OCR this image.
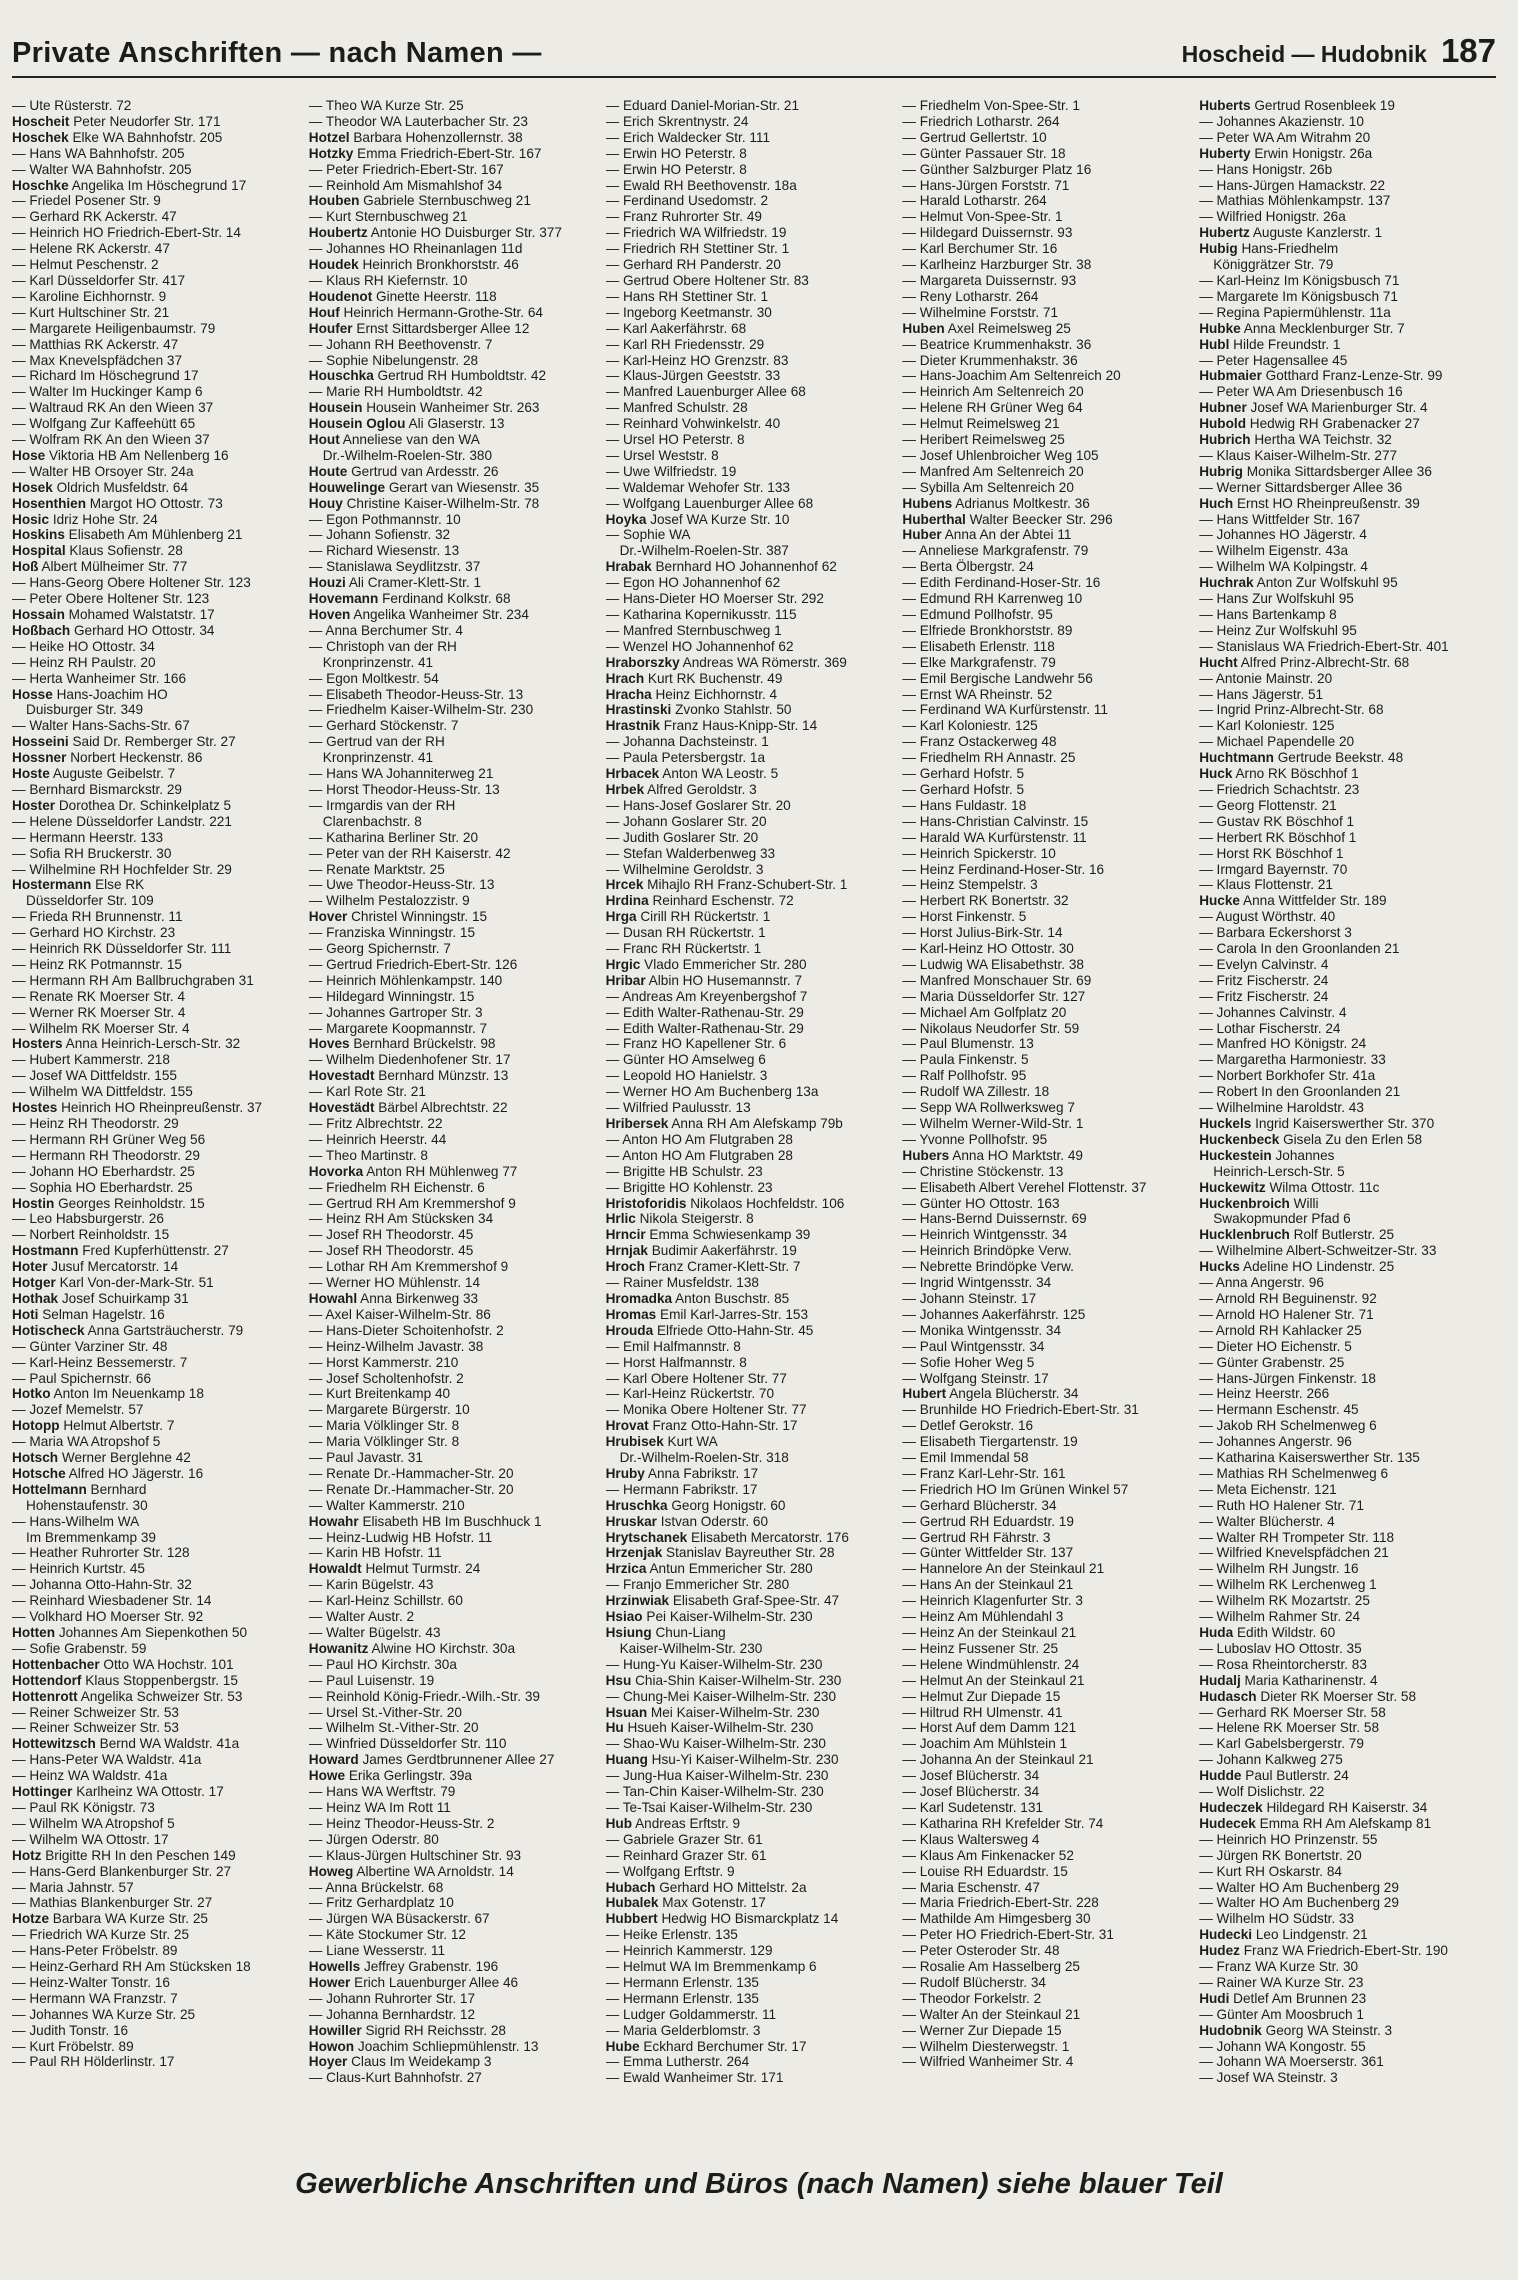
Private Anschriften — nach Namen —	Hoscheid — Hudobnik 187
— Ute Rüsterstr. 72
Hoscheit Peter Neudorfer Str. 171
Hoschek Elke WA Bahnhofstr. 205
— Hans WA Bahnhofstr. 205
— Walter WA Bahnhofstr. 205
Hoschke Angelika Im Höschegrund 17
— Friedel Posener Str. 9
— Gerhard RK Ackerstr. 47
— Heinrich HO Friedrich-Ebert-Str. 14
— Helene RK Ackerstr. 47
— Helmut Peschenstr. 2
— Karl Düsseldorfer Str. 417
— Karoline Eichhornstr. 9
— Kurt Hultschiner Str. 21
— Margarete Heiligenbaumstr. 79
— Matthias RK Ackerstr. 47
— Max Knevelspfädchen 37
— Richard Im Höschegrund 17
— Walter Im Huckinger Kamp 6
— Waltraud RK An den Wieen 37
— Wolfgang Zur Kaffeehütt 65
— Wolfram RK An den Wieen 37
Hose Viktoria HB Am Nellenberg 16
— Walter HB Orsoyer Str. 24a
Hosek Oldrich Musfeldstr. 64
Hosenthien Margot HO Ottostr. 73
Hosic Idriz Hohe Str. 24
Hoskins Elisabeth Am Mühlenberg 21
Hospital Klaus Sofienstr. 28
Hoß Albert Mülheimer Str. 77
— Hans-Georg Obere Holtener Str. 123
— Peter Obere Holtener Str. 123
Hossain Mohamed Walstatstr. 17
Hoßbach Gerhard HO Ottostr. 34
— Heike HO Ottostr. 34
— Heinz RH Paulstr. 20
— Herta Wanheimer Str. 166
Hosse Hans-Joachim HO
Duisburger Str. 349
— Walter Hans-Sachs-Str. 67
Hosseini Said Dr. Remberger Str. 27
Hossner Norbert Heckenstr. 86
Hoste Auguste Geibelstr. 7
— Bernhard Bismarckstr. 29
Hoster Dorothea Dr. Schinkelplatz 5
— Helene Düsseldorfer Landstr. 221
— Hermann Heerstr. 133
— Sofia RH Bruckerstr. 30
— Wilhelmine RH Hochfelder Str. 29
Hostermann Else RK
Düsseldorfer Str. 109
— Frieda RH Brunnenstr. 11
— Gerhard HO Kirchstr. 23
— Heinrich RK Düsseldorfer Str. 111
— Heinz RK Potmannstr. 15
— Hermann RH Am Ballbruchgraben 31
— Renate RK Moerser Str. 4
— Werner RK Moerser Str. 4
— Wilhelm RK Moerser Str. 4
Hosters Anna Heinrich-Lersch-Str. 32
— Hubert Kammerstr. 218
— Josef WA Dittfeldstr. 155
— Wilhelm WA Dittfeldstr. 155
Hostes Heinrich HO Rheinpreußenstr. 37
— Heinz RH Theodorstr. 29
— Hermann RH Grüner Weg 56
— Hermann RH Theodorstr. 29
— Johann HO Eberhardstr. 25
— Sophia HO Eberhardstr. 25
Hostin Georges Reinholdstr. 15
— Leo Habsburgerstr. 26
— Norbert Reinholdstr. 15
Hostmann Fred Kupferhüttenstr. 27
Hoter Jusuf Mercatorstr. 14
Hotger Karl Von-der-Mark-Str. 51
Hothak Josef Schuirkamp 31
Hoti Selman Hagelstr. 16
Hotischeck Anna Gartsträucherstr. 79
— Günter Varziner Str. 48
— Karl-Heinz Bessemerstr. 7
— Paul Spichernstr. 66
Hotko Anton Im Neuenkamp 18
— Jozef Memelstr. 57
Hotopp Helmut Albertstr. 7
— Maria WA Atropshof 5
Hotsch Werner Berglehne 42
Hotsche Alfred HO Jägerstr. 16
Hottelmann Bernhard
Hohenstaufenstr. 30
— Hans-Wilhelm WA
Im Bremmenkamp 39
— Heather Ruhrorter Str. 128
— Heinrich Kurtstr. 45
— Johanna Otto-Hahn-Str. 32
— Reinhard Wiesbadener Str. 14
— Volkhard HO Moerser Str. 92
Hotten Johannes Am Siepenkothen 50
— Sofie Grabenstr. 59
Hottenbacher Otto WA Hochstr. 101
Hottendorf Klaus Stoppenbergstr. 15
Hottenrott Angelika Schweizer Str. 53
— Reiner Schweizer Str. 53
— Reiner Schweizer Str. 53
Hottewitzsch Bernd WA Waldstr. 41a
— Hans-Peter WA Waldstr. 41a
— Heinz WA Waldstr. 41a
Hottinger Karlheinz WA Ottostr. 17
— Paul RK Königstr. 73
— Wilhelm WA Atropshof 5
— Wilhelm WA Ottostr. 17
Hotz Brigitte RH In den Peschen 149
— Hans-Gerd Blankenburger Str. 27
— Maria Jahnstr. 57
— Mathias Blankenburger Str. 27
Hotze Barbara WA Kurze Str. 25
— Friedrich WA Kurze Str. 25
— Hans-Peter Fröbelstr. 89
— Heinz-Gerhard RH Am Stücksken 18
— Heinz-Walter Tonstr. 16
— Hermann WA Franzstr. 7
— Johannes WA Kurze Str. 25
— Judith Tonstr. 16
— Kurt Fröbelstr. 89
— Paul RH Hölderlinstr. 17
— Theo WA Kurze Str. 25
— Theodor WA Lauterbacher Str. 23
Hotzel Barbara Hohenzollernstr. 38
Hotzky Emma Friedrich-Ebert-Str. 167
— Peter Friedrich-Ebert-Str. 167
— Reinhold Am Mismahlshof 34
Houben Gabriele Sternbuschweg 21
— Kurt Sternbuschweg 21
Houbertz Antonie HO Duisburger Str. 377
— Johannes HO Rheinanlagen 11d
Houdek Heinrich Bronkhorststr. 46
— Klaus RH Kiefernstr. 10
Houdenot Ginette Heerstr. 118
Houf Heinrich Hermann-Grothe-Str. 64
Houfer Ernst Sittardsberger Allee 12
— Johann RH Beethovenstr. 7
— Sophie Nibelungenstr. 28
Houschka Gertrud RH Humboldtstr. 42
— Marie RH Humboldtstr. 42
Housein Housein Wanheimer Str. 263
Housein Oglou Ali Glaserstr. 13
Hout Anneliese van den WA
Dr.-Wilhelm-Roelen-Str. 380
Houte Gertrud van Ardesstr. 26
Houwelinge Gerart van Wiesenstr. 35
Houy Christine Kaiser-Wilhelm-Str. 78
— Egon Pothmannstr. 10
— Johann Sofienstr. 32
— Richard Wiesenstr. 13
— Stanislawa Seydlitzstr. 37
Houzi Ali Cramer-Klett-Str. 1
Hovemann Ferdinand Kolkstr. 68
Hoven Angelika Wanheimer Str. 234
— Anna Berchumer Str. 4
— Christoph van der RH
Kronprinzenstr. 41
— Egon Moltkestr. 54
— Elisabeth Theodor-Heuss-Str. 13
— Friedhelm Kaiser-Wilhelm-Str. 230
— Gerhard Stöckenstr. 7
— Gertrud van der RH
Kronprinzenstr. 41
— Hans WA Johanniterweg 21
— Horst Theodor-Heuss-Str. 13
— Irmgardis van der RH
Clarenbachstr. 8
— Katharina Berliner Str. 20
— Peter van der RH Kaiserstr. 42
— Renate Marktstr. 25
— Uwe Theodor-Heuss-Str. 13
— Wilhelm Pestalozzistr. 9
Hover Christel Winningstr. 15
— Franziska Winningstr. 15
— Georg Spichernstr. 7
— Gertrud Friedrich-Ebert-Str. 126
— Heinrich Möhlenkampstr. 140
— Hildegard Winningstr. 15
— Johannes Gartroper Str. 3
— Margarete Koopmannstr. 7
Hoves Bernhard Brückelstr. 98
— Wilhelm Diedenhofener Str. 17
Hovestadt Bernhard Münzstr. 13
— Karl Rote Str. 21
Hovestädt Bärbel Albrechtstr. 22
— Fritz Albrechtstr. 22
— Heinrich Heerstr. 44
— Theo Martinstr. 8
Hovorka Anton RH Mühlenweg 77
— Friedhelm RH Eichenstr. 6
— Gertrud RH Am Kremmershof 9
— Heinz RH Am Stücksken 34
— Josef RH Theodorstr. 45
— Josef RH Theodorstr. 45
— Lothar RH Am Kremmershof 9
— Werner HO Mühlenstr. 14
Howahl Anna Birkenweg 33
— Axel Kaiser-Wilhelm-Str. 86
— Hans-Dieter Schoitenhofstr. 2
— Heinz-Wilhelm Javastr. 38
— Horst Kammerstr. 210
— Josef Scholtenhofstr. 2
— Kurt Breitenkamp 40
— Margarete Bürgerstr. 10
— Maria Völklinger Str. 8
— Maria Völklinger Str. 8
— Paul Javastr. 31
— Renate Dr.-Hammacher-Str. 20
— Renate Dr.-Hammacher-Str. 20
— Walter Kammerstr. 210
Howahr Elisabeth HB Im Buschhuck 1
— Heinz-Ludwig HB Hofstr. 11
— Karin HB Hofstr. 11
Howaldt Helmut Turmstr. 24
— Karin Bügelstr. 43
— Karl-Heinz Schillstr. 60
— Walter Austr. 2
— Walter Bügelstr. 43
Howanitz Alwine HO Kirchstr. 30a
— Paul HO Kirchstr. 30a
— Paul Luisenstr. 19
— Reinhold König-Friedr.-Wilh.-Str. 39
— Ursel St.-Vither-Str. 20
— Wilhelm St.-Vither-Str. 20
— Winfried Düsseldorfer Str. 110
Howard James Gerdtbrunnener Allee 27
Howe Erika Gerlingstr. 39a
— Hans WA Werftstr. 79
— Heinz WA Im Rott 11
— Heinz Theodor-Heuss-Str. 2
— Jürgen Oderstr. 80
— Klaus-Jürgen Hultschiner Str. 93
Howeg Albertine WA Arnoldstr. 14
— Anna Brückelstr. 68
— Fritz Gerhardplatz 10
— Jürgen WA Büsackerstr. 67
— Käte Stockumer Str. 12
— Liane Wesserstr. 11
Howells Jeffrey Grabenstr. 196
Hower Erich Lauenburger Allee 46
— Johann Ruhrorter Str. 17
— Johanna Bernhardstr. 12
Howiller Sigrid RH Reichsstr. 28
Howon Joachim Schliepmühlenstr. 13
Hoyer Claus Im Weidekamp 3
— Claus-Kurt Bahnhofstr. 27
— Eduard Daniel-Morian-Str. 21
— Erich Skrentnystr. 24
— Erich Waldecker Str. 111
— Erwin HO Peterstr. 8
— Erwin HO Peterstr. 8
— Ewald RH Beethovenstr. 18a
— Ferdinand Usedomstr. 2
— Franz Ruhrorter Str. 49
— Friedrich WA Wilfriedstr. 19
— Friedrich RH Stettiner Str. 1
— Gerhard RH Panderstr. 20
— Gertrud Obere Holtener Str. 83
— Hans RH Stettiner Str. 1
— Ingeborg Keetmanstr. 30
— Karl Aakerfährstr. 68
— Karl RH Friedensstr. 29
— Karl-Heinz HO Grenzstr. 83
— Klaus-Jürgen Geeststr. 33
— Manfred Lauenburger Allee 68
— Manfred Schulstr. 28
— Reinhard Vohwinkelstr. 40
— Ursel HO Peterstr. 8
— Ursel Weststr. 8
— Uwe Wilfriedstr. 19
— Waldemar Wehofer Str. 133
— Wolfgang Lauenburger Allee 68
Hoyka Josef WA Kurze Str. 10
— Sophie WA
Dr.-Wilhelm-Roelen-Str. 387
Hrabak Bernhard HO Johannenhof 62
— Egon HO Johannenhof 62
— Hans-Dieter HO Moerser Str. 292
— Katharina Kopernikusstr. 115
— Manfred Sternbuschweg 1
— Wenzel HO Johannenhof 62
Hraborszky Andreas WA Römerstr. 369
Hrach Kurt RK Buchenstr. 49
Hracha Heinz Eichhornstr. 4
Hrastinski Zvonko Stahlstr. 50
Hrastnik Franz Haus-Knipp-Str. 14
— Johanna Dachsteinstr. 1
— Paula Petersbergstr. 1a
Hrbacek Anton WA Leostr. 5
Hrbek Alfred Geroldstr. 3
— Hans-Josef Goslarer Str. 20
— Johann Goslarer Str. 20
— Judith Goslarer Str. 20
— Stefan Walderbenweg 33
— Wilhelmine Geroldstr. 3
Hrcek Mihajlo RH Franz-Schubert-Str. 1
Hrdina Reinhard Eschenstr. 72
Hrga Cirill RH Rückertstr. 1
— Dusan RH Rückertstr. 1
— Franc RH Rückertstr. 1
Hrgic Vlado Emmericher Str. 280
Hribar Albin HO Husemannstr. 7
— Andreas Am Kreyenbergshof 7
— Edith Walter-Rathenau-Str. 29
— Edith Walter-Rathenau-Str. 29
— Franz HO Kapellener Str. 6
— Günter HO Amselweg 6
— Leopold HO Hanielstr. 3
— Werner HO Am Buchenberg 13a
— Wilfried Paulusstr. 13
Hribersek Anna RH Am Alefskamp 79b
— Anton HO Am Flutgraben 28
— Anton HO Am Flutgraben 28
— Brigitte HB Schulstr. 23
— Brigitte HO Kohlenstr. 23
Hristoforidis Nikolaos Hochfeldstr. 106
Hrlic Nikola Steigerstr. 8
Hrncir Emma Schwiesenkamp 39
Hrnjak Budimir Aakerfährstr. 19
Hroch Franz Cramer-Klett-Str. 7
— Rainer Musfeldstr. 138
Hromadka Anton Buschstr. 85
Hromas Emil Karl-Jarres-Str. 153
Hrouda Elfriede Otto-Hahn-Str. 45
— Emil Halfmannstr. 8
— Horst Halfmannstr. 8
— Karl Obere Holtener Str. 77
— Karl-Heinz Rückertstr. 70
— Monika Obere Holtener Str. 77
Hrovat Franz Otto-Hahn-Str. 17
Hrubisek Kurt WA
Dr.-Wilhelm-Roelen-Str. 318
Hruby Anna Fabrikstr. 17
— Hermann Fabrikstr. 17
Hruschka Georg Honigstr. 60
Hruskar Istvan Oderstr. 60
Hrytschanek Elisabeth Mercatorstr. 176
Hrzenjak Stanislav Bayreuther Str. 28
Hrzica Antun Emmericher Str. 280
— Franjo Emmericher Str. 280
Hrzinwiak Elisabeth Graf-Spee-Str. 47
Hsiao Pei Kaiser-Wilhelm-Str. 230
Hsiung Chun-Liang
Kaiser-Wilhelm-Str. 230
— Hung-Yu Kaiser-Wilhelm-Str. 230
Hsu Chia-Shin Kaiser-Wilhelm-Str. 230
— Chung-Mei Kaiser-Wilhelm-Str. 230
Hsuan Mei Kaiser-Wilhelm-Str. 230
Hu Hsueh Kaiser-Wilhelm-Str. 230
— Shao-Wu Kaiser-Wilhelm-Str. 230
Huang Hsu-Yi Kaiser-Wilhelm-Str. 230
— Jung-Hua Kaiser-Wilhelm-Str. 230
— Tan-Chin Kaiser-Wilhelm-Str. 230
— Te-Tsai Kaiser-Wilhelm-Str. 230
Hub Andreas Erftstr. 9
— Gabriele Grazer Str. 61
— Reinhard Grazer Str. 61
— Wolfgang Erftstr. 9
Hubach Gerhard HO Mittelstr. 2a
Hubalek Max Gotenstr. 17
Hubbert Hedwig HO Bismarckplatz 14
— Heike Erlenstr. 135
— Heinrich Kammerstr. 129
— Helmut WA Im Bremmenkamp 6
— Hermann Erlenstr. 135
— Hermann Erlenstr. 135
— Ludger Goldammerstr. 11
— Maria Gelderblomstr. 3
Hube Eckhard Berchumer Str. 17
— Emma Lutherstr. 264
— Ewald Wanheimer Str. 171
— Friedhelm Von-Spee-Str. 1
— Friedrich Lotharstr. 264
— Gertrud Gellertstr. 10
— Günter Passauer Str. 18
— Günther Salzburger Platz 16
— Hans-Jürgen Forststr. 71
— Harald Lotharstr. 264
— Helmut Von-Spee-Str. 1
— Hildegard Duissernstr. 93
— Karl Berchumer Str. 16
— Karlheinz Harzburger Str. 38
— Margareta Duissernstr. 93
— Reny Lotharstr. 264
— Wilhelmine Forststr. 71
Huben Axel Reimelsweg 25
— Beatrice Krummenhakstr. 36
— Dieter Krummenhakstr. 36
— Hans-Joachim Am Seltenreich 20
— Heinrich Am Seltenreich 20
— Helene RH Grüner Weg 64
— Helmut Reimelsweg 21
— Heribert Reimelsweg 25
— Josef Uhlenbroicher Weg 105
— Manfred Am Seltenreich 20
— Sybilla Am Seltenreich 20
Hubens Adrianus Moltkestr. 36
Huberthal Walter Beecker Str. 296
Huber Anna An der Abtei 11
— Anneliese Markgrafenstr. 79
— Berta Ölbergstr. 24
— Edith Ferdinand-Hoser-Str. 16
— Edmund RH Karrenweg 10
— Edmund Pollhofstr. 95
— Elfriede Bronkhorststr. 89
— Elisabeth Erlenstr. 118
— Elke Markgrafenstr. 79
— Emil Bergische Landwehr 56
— Ernst WA Rheinstr. 52
— Ferdinand WA Kurfürstenstr. 11
— Karl Koloniestr. 125
— Franz Ostackerweg 48
— Friedhelm RH Annastr. 25
— Gerhard Hofstr. 5
— Gerhard Hofstr. 5
— Hans Fuldastr. 18
— Hans-Christian Calvinstr. 15
— Harald WA Kurfürstenstr. 11
— Heinrich Spickerstr. 10
— Heinz Ferdinand-Hoser-Str. 16
— Heinz Stempelstr. 3
— Herbert RK Bonertstr. 32
— Horst Finkenstr. 5
— Horst Julius-Birk-Str. 14
— Karl-Heinz HO Ottostr. 30
— Ludwig WA Elisabethstr. 38
— Manfred Monschauer Str. 69
— Maria Düsseldorfer Str. 127
— Michael Am Golfplatz 20
— Nikolaus Neudorfer Str. 59
— Paul Blumenstr. 13
— Paula Finkenstr. 5
— Ralf Pollhofstr. 95
— Rudolf WA Zillestr. 18
— Sepp WA Rollwerksweg 7
— Wilhelm Werner-Wild-Str. 1
— Yvonne Pollhofstr. 95
Hubers Anna HO Marktstr. 49
— Christine Stöckenstr. 13
— Elisabeth Albert Verehel Flottenstr. 37
— Günter HO Ottostr. 163
— Hans-Bernd Duissernstr. 69
— Heinrich Wintgensstr. 34
— Heinrich Brindöpke Verw.
— Nebrette Brindöpke Verw.
— Ingrid Wintgensstr. 34
— Johann Steinstr. 17
— Johannes Aakerfährstr. 125
— Monika Wintgensstr. 34
— Paul Wintgensstr. 34
— Sofie Hoher Weg 5
— Wolfgang Steinstr. 17
Hubert Angela Blücherstr. 34
— Brunhilde HO Friedrich-Ebert-Str. 31
— Detlef Gerokstr. 16
— Elisabeth Tiergartenstr. 19
— Emil Immendal 58
— Franz Karl-Lehr-Str. 161
— Friedrich HO Im Grünen Winkel 57
— Gerhard Blücherstr. 34
— Gertrud RH Eduardstr. 19
— Gertrud RH Fährstr. 3
— Günter Wittfelder Str. 137
— Hannelore An der Steinkaul 21
— Hans An der Steinkaul 21
— Heinrich Klagenfurter Str. 3
— Heinz Am Mühlendahl 3
— Heinz An der Steinkaul 21
— Heinz Fussener Str. 25
— Helene Windmühlenstr. 24
— Helmut An der Steinkaul 21
— Helmut Zur Diepade 15
— Hiltrud RH Ulmenstr. 41
— Horst Auf dem Damm 121
— Joachim Am Mühlstein 1
— Johanna An der Steinkaul 21
— Josef Blücherstr. 34
— Josef Blücherstr. 34
— Karl Sudetenstr. 131
— Katharina RH Krefelder Str. 74
— Klaus Waltersweg 4
— Klaus Am Finkenacker 52
— Louise RH Eduardstr. 15
— Maria Eschenstr. 47
— Maria Friedrich-Ebert-Str. 228
— Mathilde Am Himgesberg 30
— Peter HO Friedrich-Ebert-Str. 31
— Peter Osteroder Str. 48
— Rosalie Am Hasselberg 25
— Rudolf Blücherstr. 34
— Theodor Forkelstr. 2
— Walter An der Steinkaul 21
— Werner Zur Diepade 15
— Wilhelm Diesterwegstr. 1
— Wilfried Wanheimer Str. 4
Huberts Gertrud Rosenbleek 19
— Johannes Akazienstr. 10
— Peter WA Am Witrahm 20
Huberty Erwin Honigstr. 26a
— Hans Honigstr. 26b
— Hans-Jürgen Hamackstr. 22
— Mathias Möhlenkampstr. 137
— Wilfried Honigstr. 26a
Hubertz Auguste Kanzlerstr. 1
Hubig Hans-Friedhelm
Königgrätzer Str. 79
— Karl-Heinz Im Königsbusch 71
— Margarete Im Königsbusch 71
— Regina Papiermühlenstr. 11a
Hubke Anna Mecklenburger Str. 7
Hubl Hilde Freundstr. 1
— Peter Hagensallee 45
Hubmaier Gotthard Franz-Lenze-Str. 99
— Peter WA Am Driesenbusch 16
Hubner Josef WA Marienburger Str. 4
Hubold Hedwig RH Grabenacker 27
Hubrich Hertha WA Teichstr. 32
— Klaus Kaiser-Wilhelm-Str. 277
Hubrig Monika Sittardsberger Allee 36
— Werner Sittardsberger Allee 36
Huch Ernst HO Rheinpreußenstr. 39
— Hans Wittfelder Str. 167
— Johannes HO Jägerstr. 4
— Wilhelm Eigenstr. 43a
— Wilhelm WA Kolpingstr. 4
Huchrak Anton Zur Wolfskuhl 95
— Hans Zur Wolfskuhl 95
— Hans Bartenkamp 8
— Heinz Zur Wolfskuhl 95
— Stanislaus WA Friedrich-Ebert-Str. 401
Hucht Alfred Prinz-Albrecht-Str. 68
— Antonie Mainstr. 20
— Hans Jägerstr. 51
— Ingrid Prinz-Albrecht-Str. 68
— Karl Koloniestr. 125
— Michael Papendelle 20
Huchtmann Gertrude Beekstr. 48
Huck Arno RK Böschhof 1
— Friedrich Schachtstr. 23
— Georg Flottenstr. 21
— Gustav RK Böschhof 1
— Herbert RK Böschhof 1
— Horst RK Böschhof 1
— Irmgard Bayernstr. 70
— Klaus Flottenstr. 21
Hucke Anna Wittfelder Str. 189
— August Wörthstr. 40
— Barbara Eckershorst 3
— Carola In den Groonlanden 21
— Evelyn Calvinstr. 4
— Fritz Fischerstr. 24
— Fritz Fischerstr. 24
— Johannes Calvinstr. 4
— Lothar Fischerstr. 24
— Manfred HO Königstr. 24
— Margaretha Harmoniestr. 33
— Norbert Borkhofer Str. 41a
— Robert In den Groonlanden 21
— Wilhelmine Haroldstr. 43
Huckels Ingrid Kaiserswerther Str. 370
Huckenbeck Gisela Zu den Erlen 58
Huckestein Johannes
Heinrich-Lersch-Str. 5
Huckewitz Wilma Ottostr. 11c
Huckenbroich Willi
Swakopmunder Pfad 6
Hucklenbruch Rolf Butlerstr. 25
— Wilhelmine Albert-Schweitzer-Str. 33
Hucks Adeline HO Lindenstr. 25
— Anna Angerstr. 96
— Arnold RH Beguinenstr. 92
— Arnold HO Halener Str. 71
— Arnold RH Kahlacker 25
— Dieter HO Eichenstr. 5
— Günter Grabenstr. 25
— Hans-Jürgen Finkenstr. 18
— Heinz Heerstr. 266
— Hermann Eschenstr. 45
— Jakob RH Schelmenweg 6
— Johannes Angerstr. 96
— Katharina Kaiserswerther Str. 135
— Mathias RH Schelmenweg 6
— Meta Eichenstr. 121
— Ruth HO Halener Str. 71
— Walter Blücherstr. 4
— Walter RH Trompeter Str. 118
— Wilfried Knevelspfädchen 21
— Wilhelm RH Jungstr. 16
— Wilhelm RK Lerchenweg 1
— Wilhelm RK Mozartstr. 25
— Wilhelm Rahmer Str. 24
Huda Edith Wildstr. 60
— Luboslav HO Ottostr. 35
— Rosa Rheintorcherstr. 83
Hudalj Maria Katharinenstr. 4
Hudasch Dieter RK Moerser Str. 58
— Gerhard RK Moerser Str. 58
— Helene RK Moerser Str. 58
— Karl Gabelsbergerstr. 79
— Johann Kalkweg 275
Hudde Paul Butlerstr. 24
— Wolf Dislichstr. 22
Hudeczek Hildegard RH Kaiserstr. 34
Hudecek Emma RH Am Alefskamp 81
— Heinrich HO Prinzenstr. 55
— Jürgen RK Bonertstr. 20
— Kurt RH Oskarstr. 84
— Walter HO Am Buchenberg 29
— Walter HO Am Buchenberg 29
— Wilhelm HO Südstr. 33
Hudecki Leo Lindgenstr. 21
Hudez Franz WA Friedrich-Ebert-Str. 190
— Franz WA Kurze Str. 30
— Rainer WA Kurze Str. 23
Hudi Detlef Am Brunnen 23
— Günter Am Moosbruch 1
Hudobnik Georg WA Steinstr. 3
— Johann WA Kongostr. 55
— Johann WA Moerserstr. 361
— Josef WA Steinstr. 3
Gewerbliche Anschriften und Büros (nach Namen) siehe blauer Teil
